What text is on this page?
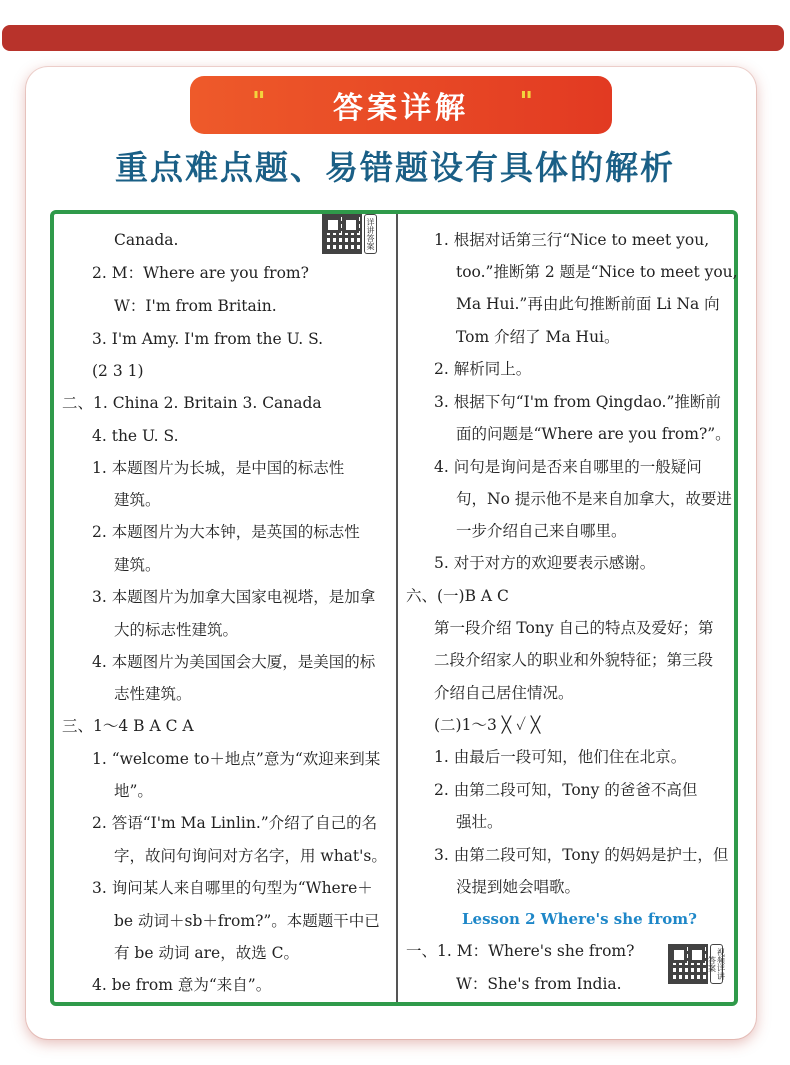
" 答案详解 "
重点难点题、易错题设有具体的解析
Canada.
2. M：Where are you from?
W：I'm from Britain.
3. I'm Amy. I'm from the U. S.
(2 3 1)
二、1. China 2. Britain 3. Canada
4. the U. S.
1. 本题图片为长城，是中国的标志性
建筑。
2. 本题图片为大本钟，是英国的标志性
建筑。
3. 本题图片为加拿大国家电视塔，是加拿
大的标志性建筑。
4. 本题图片为美国国会大厦，是美国的标
志性建筑。
三、1～4 B A C A
1. “welcome to＋地点”意为“欢迎来到某
地”。
2. 答语“I'm Ma Linlin.”介绍了自己的名
字，故问句询问对方名字，用 what's。
3. 询问某人来自哪里的句型为“Where＋
be 动词＋sb＋from?”。本题题干中已
有 be 动词 are，故选 C。
4. be from 意为“来自”。
1. 根据对话第三行“Nice to meet you,
too.”推断第 2 题是“Nice to meet you,
Ma Hui.”再由此句推断前面 Li Na 向
Tom 介绍了 Ma Hui。
2. 解析同上。
3. 根据下句“I'm from Qingdao.”推断前
面的问题是“Where are you from?”。
4. 问句是询问是否来自哪里的一般疑问
句，No 提示他不是来自加拿大，故要进
一步介绍自己来自哪里。
5. 对于对方的欢迎要表示感谢。
六、(一)B A C
第一段介绍 Tony 自己的特点及爱好；第
二段介绍家人的职业和外貌特征；第三段
介绍自己居住情况。
(二)1～3 ╳ ✓ ╳
1. 由最后一段可知，他们住在北京。
2. 由第二段可知，Tony 的爸爸不高但
强壮。
3. 由第二段可知，Tony 的妈妈是护士，但
没提到她会唱歌。
Lesson 2 Where's she from?
一、1. M：Where's she from?
W：She's from India.
详讲答案
视频详讲答案
